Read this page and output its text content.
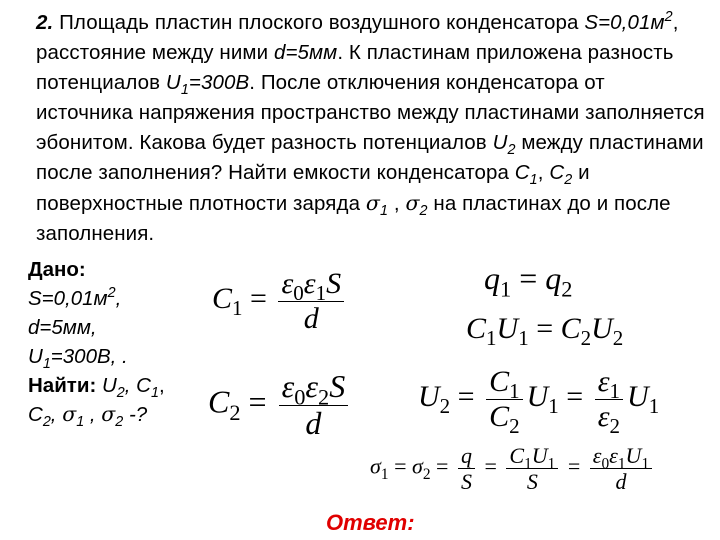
2. Площадь пластин плоского воздушного конденсатора $S=0,01м^2$, расстояние между ними d=5мм. К пластинам приложена разность потенциалов $U_1=300В$. После отключения конденсатора от источника напряжения пространство между пластинами заполняется эбонитом. Какова будет разность потенциалов $U_2$ между пластинами после заполнения? Найти емкости конденсатора $C_1$, $C_2$ и поверхностные плотности заряда $\sigma_1$ , $\sigma_2$ на пластинах до и после заполнения.
Дано:
$S=0,01м^2$,
d=5мм,
$U_1=300В$, .
Найти: $U_2$, $C_1$,
$C_2$, $\sigma_1$ , $\sigma_2$ -?
$C_1 = \frac{\varepsilon_0\varepsilon_1S}{d}$
$C_2 = \frac{\varepsilon_0\varepsilon_2S}{d}$
$q_1 = q_2$
$C_1U_1 = C_2U_2$
$U_2 = \frac{C_1}{C_2} U_1 = \frac{\varepsilon_1}{\varepsilon_2} U_1$
$\sigma_1 = \sigma_2 = \frac{q}{S} = \frac{C_1U_1}{S} = \frac{\varepsilon_0\varepsilon_1U_1}{d}$
Ответ:
